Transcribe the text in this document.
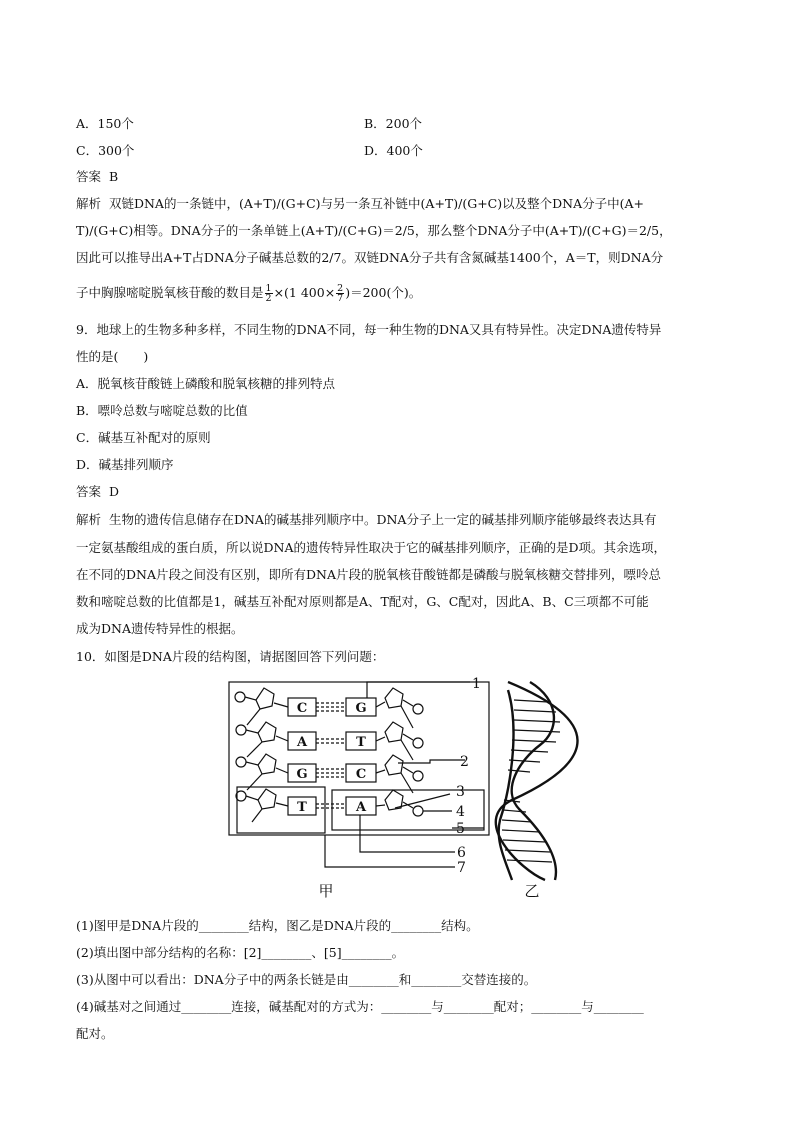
A．150个	B．200个
C．300个	D．400个
答案 B
解析 双链DNA的一条链中，(A+T)/(G+C)与另一条互补链中(A+T)/(G+C)以及整个DNA分子中(A+
T)/(G+C)相等。DNA分子的一条单链上(A+T)/(C+G)＝2/5，那么整个DNA分子中(A+T)/(C+G)＝2/5，
因此可以推导出A+T占DNA分子碱基总数的2/7。双链DNA分子共有含氮碱基1400个，A＝T，则DNA分
子中胸腺嘧啶脱氧核苷酸的数目是 $\frac{1}{2} \times(1$ $400\times \frac{2}{7} )=200$(个)。
9．地球上的生物多种多样，不同生物的DNA不同，每一种生物的DNA又具有特异性。决定DNA遗传特异
性的是(　　)
A．脱氧核苷酸链上磷酸和脱氧核糖的排列特点
B．嘌呤总数与嘧啶总数的比值
C．碱基互补配对的原则
D．碱基排列顺序
答案 D
解析 生物的遗传信息储存在DNA的碱基排列顺序中。DNA分子上一定的碱基排列顺序能够最终表达具有
一定氨基酸组成的蛋白质，所以说DNA的遗传特异性取决于它的碱基排列顺序，正确的是D项。其余选项，
在不同的DNA片段之间没有区别，即所有DNA片段的脱氧核苷酸链都是磷酸与脱氧核糖交替排列，嘌呤总
数和嘧啶总数的比值都是1，碱基互补配对原则都是A、T配对，G、C配对，因此A、B、C三项都不可能
成为DNA遗传特异性的根据。
10．如图是DNA片段的结构图，请据图回答下列问题：
C	G
A	T
G	C
T	A
1
2
3
4
5
6
7
甲	乙
(1)图甲是DNA片段的________结构，图乙是DNA片段的________结构。
(2)填出图中部分结构的名称：[2]________、[5]________。
(3)从图中可以看出：DNA分子中的两条长链是由________和________交替连接的。
(4)碱基对之间通过________连接，碱基配对的方式为：________与________配对；________与________
配对。
